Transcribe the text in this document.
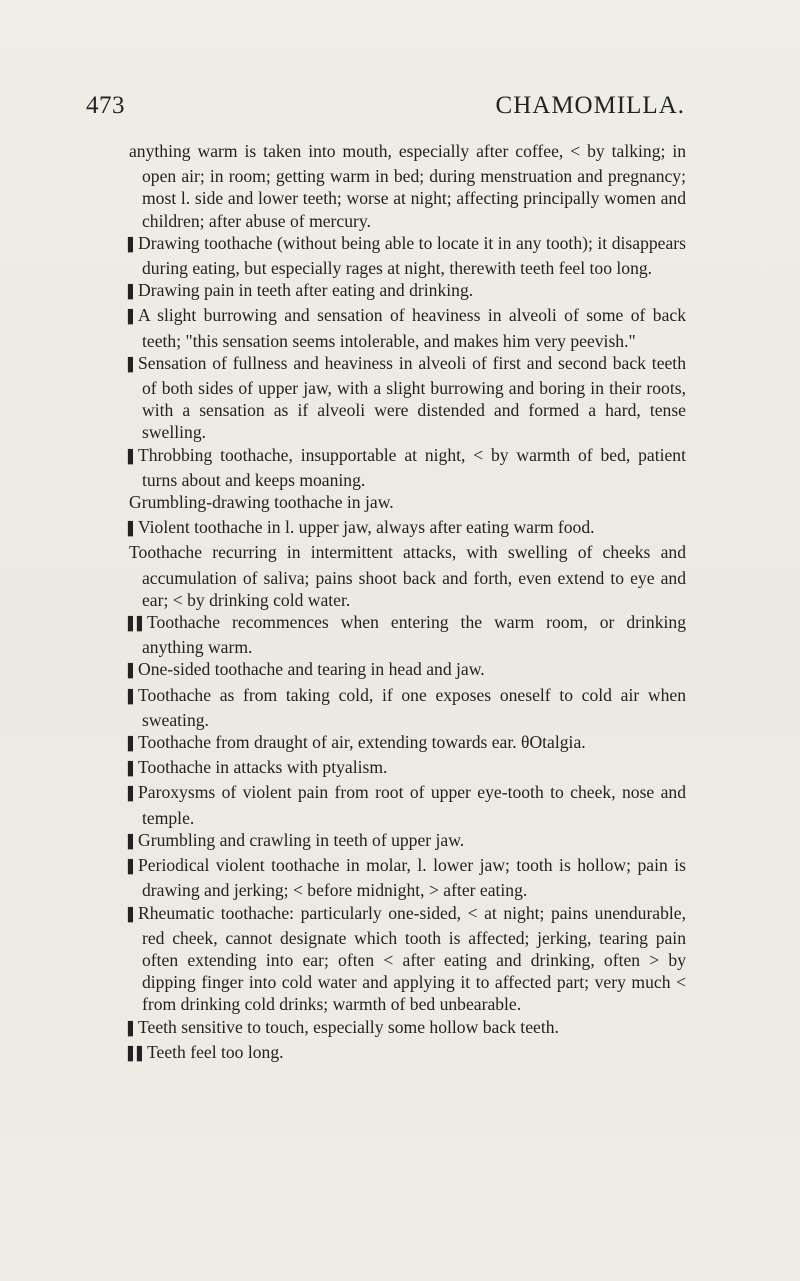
473	CHAMOMILLA.

anything warm is taken into mouth, especially after coffee, < by talking; in open air; in room; getting warm in bed; during menstruation and pregnancy; most l. side and lower teeth; worse at night; affecting principally women and children; after abuse of mercury.

▌Drawing toothache (without being able to locate it in any tooth); it disappears during eating, but especially rages at night, therewith teeth feel too long.

▌Drawing pain in teeth after eating and drinking.

▌A slight burrowing and sensation of heaviness in alveoli of some of back teeth; "this sensation seems intolerable, and makes him very peevish."

▌Sensation of fullness and heaviness in alveoli of first and second back teeth of both sides of upper jaw, with a slight burrowing and boring in their roots, with a sensation as if alveoli were distended and formed a hard, tense swelling.

▌Throbbing toothache, insupportable at night, < by warmth of bed, patient turns about and keeps moaning.

Grumbling-drawing toothache in jaw.

▌Violent toothache in l. upper jaw, always after eating warm food.

Toothache recurring in intermittent attacks, with swelling of cheeks and accumulation of saliva; pains shoot back and forth, even extend to eye and ear; < by drinking cold water.

▌▌Toothache recommences when entering the warm room, or drinking anything warm.

▌One-sided toothache and tearing in head and jaw.

▌Toothache as from taking cold, if one exposes oneself to cold air when sweating.

▌Toothache from draught of air, extending towards ear. θOtalgia.

▌Toothache in attacks with ptyalism.

▌Paroxysms of violent pain from root of upper eye-tooth to cheek, nose and temple.

▌Grumbling and crawling in teeth of upper jaw.

▌Periodical violent toothache in molar, l. lower jaw; tooth is hollow; pain is drawing and jerking; < before midnight, > after eating.

▌Rheumatic toothache: particularly one-sided, < at night; pains unendurable, red cheek, cannot designate which tooth is affected; jerking, tearing pain often extending into ear; often < after eating and drinking, often > by dipping finger into cold water and applying it to affected part; very much < from drinking cold drinks; warmth of bed unbearable.

▌Teeth sensitive to touch, especially some hollow back teeth.

▌▌Teeth feel too long.
